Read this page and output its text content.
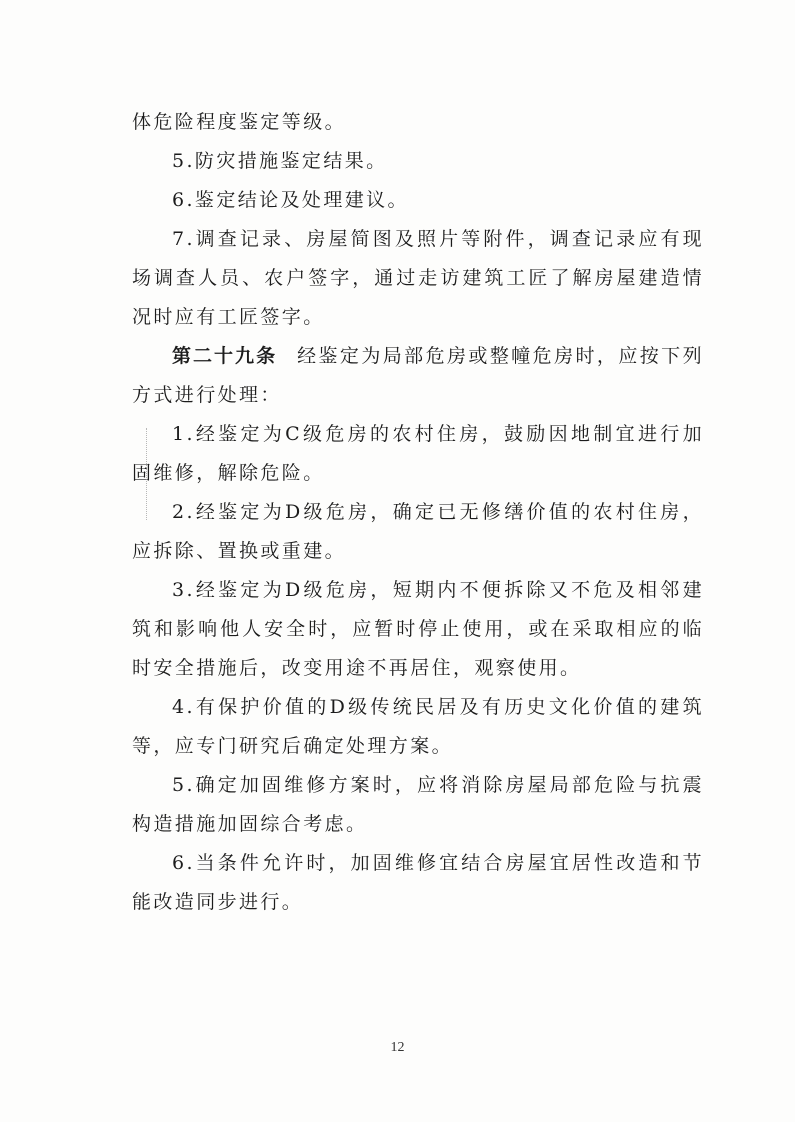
体危险程度鉴定等级。

5.防灾措施鉴定结果。

6.鉴定结论及处理建议。

7.调查记录、房屋简图及照片等附件，调查记录应有现场调查人员、农户签字，通过走访建筑工匠了解房屋建造情况时应有工匠签字。

第二十九条 经鉴定为局部危房或整幢危房时，应按下列方式进行处理：

1.经鉴定为C级危房的农村住房，鼓励因地制宜进行加固维修，解除危险。

2.经鉴定为D级危房，确定已无修缮价值的农村住房，应拆除、置换或重建。

3.经鉴定为D级危房，短期内不便拆除又不危及相邻建筑和影响他人安全时，应暂时停止使用，或在采取相应的临时安全措施后，改变用途不再居住，观察使用。

4.有保护价值的D级传统民居及有历史文化价值的建筑等，应专门研究后确定处理方案。

5.确定加固维修方案时，应将消除房屋局部危险与抗震构造措施加固综合考虑。

6.当条件允许时，加固维修宜结合房屋宜居性改造和节能改造同步进行。

12
